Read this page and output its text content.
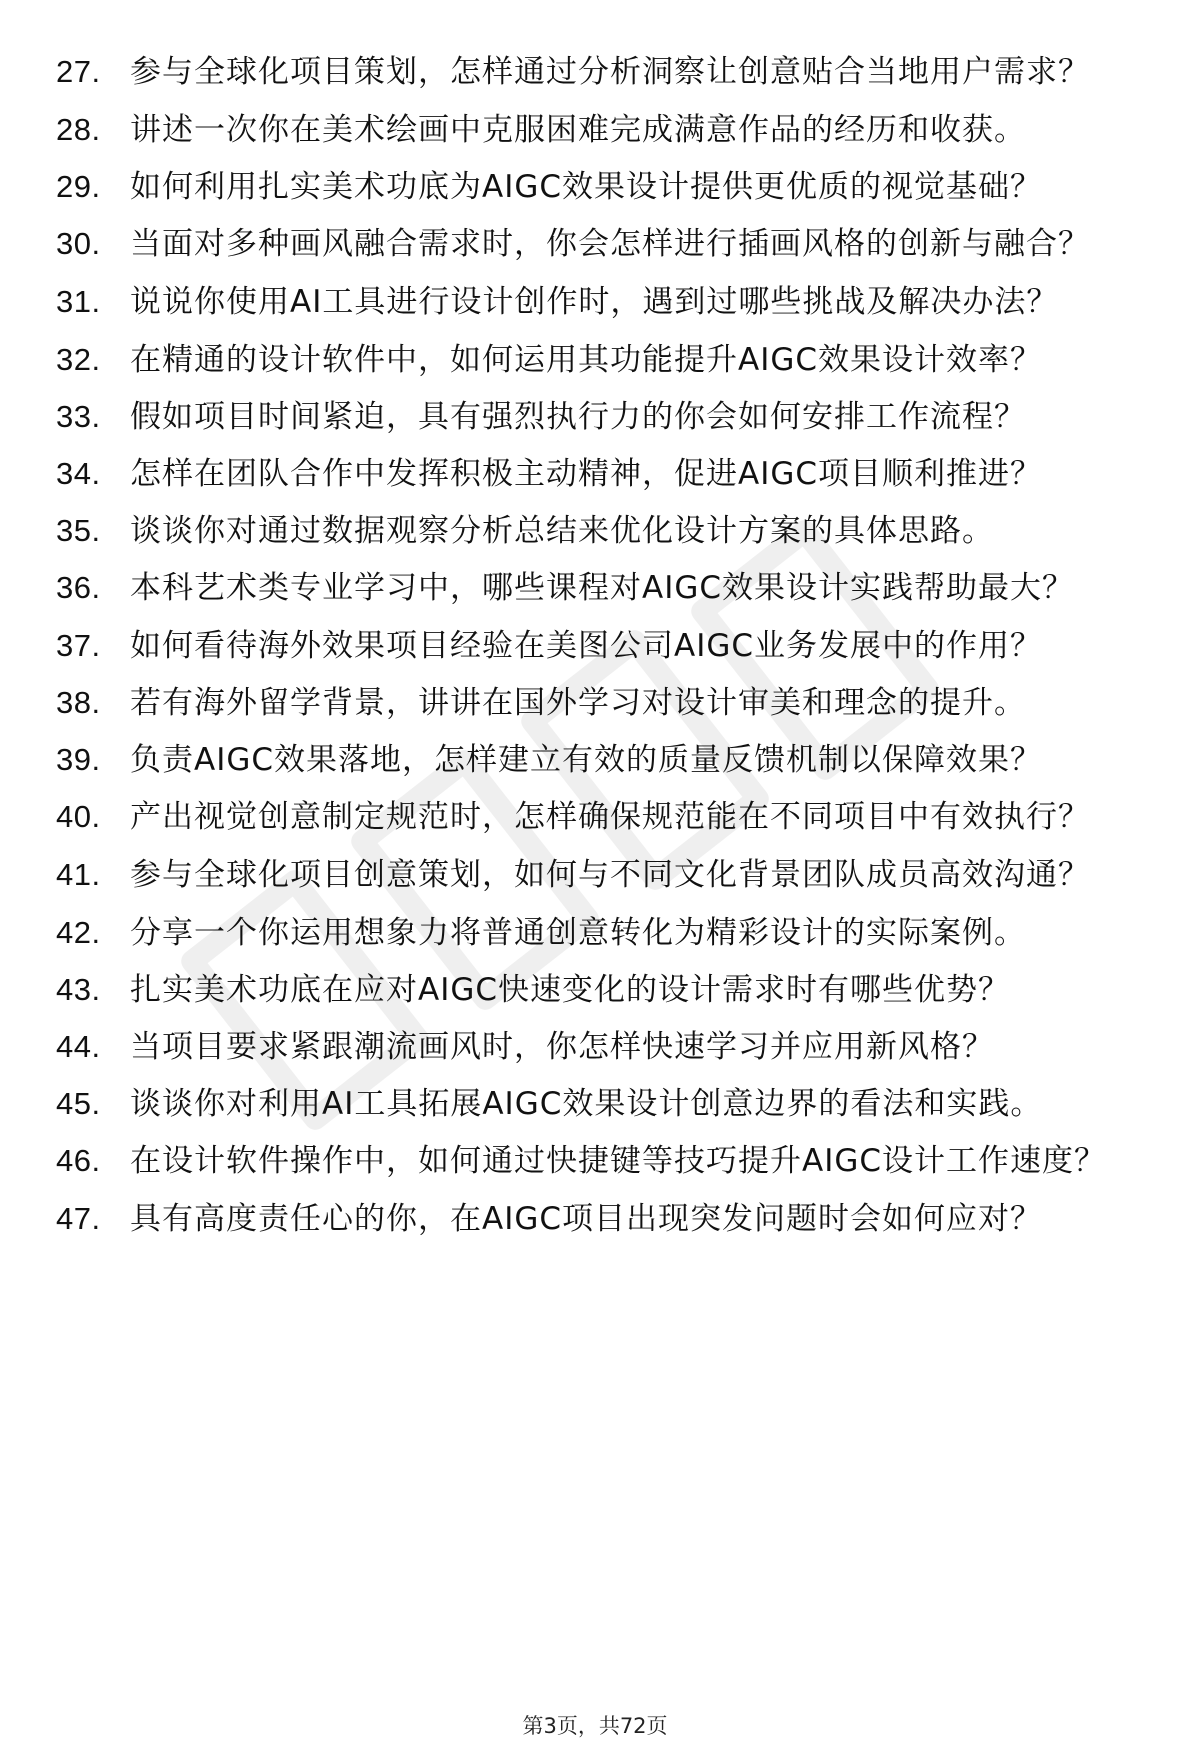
27. 参与全球化项目策划，怎样通过分析洞察让创意贴合当地用户需求？
28. 讲述一次你在美术绘画中克服困难完成满意作品的经历和收获。
29. 如何利用扎实美术功底为AIGC效果设计提供更优质的视觉基础？
30. 当面对多种画风融合需求时，你会怎样进行插画风格的创新与融合？
31. 说说你使用AI工具进行设计创作时，遇到过哪些挑战及解决办法？
32. 在精通的设计软件中，如何运用其功能提升AIGC效果设计效率？
33. 假如项目时间紧迫，具有强烈执行力的你会如何安排工作流程？
34. 怎样在团队合作中发挥积极主动精神，促进AIGC项目顺利推进？
35. 谈谈你对通过数据观察分析总结来优化设计方案的具体思路。
36. 本科艺术类专业学习中，哪些课程对AIGC效果设计实践帮助最大？
37. 如何看待海外效果项目经验在美图公司AIGC业务发展中的作用？
38. 若有海外留学背景，讲讲在国外学习对设计审美和理念的提升。
39. 负责AIGC效果落地，怎样建立有效的质量反馈机制以保障效果？
40. 产出视觉创意制定规范时，怎样确保规范能在不同项目中有效执行？
41. 参与全球化项目创意策划，如何与不同文化背景团队成员高效沟通？
42. 分享一个你运用想象力将普通创意转化为精彩设计的实际案例。
43. 扎实美术功底在应对AIGC快速变化的设计需求时有哪些优势？
44. 当项目要求紧跟潮流画风时，你怎样快速学习并应用新风格？
45. 谈谈你对利用AI工具拓展AIGC效果设计创意边界的看法和实践。
46. 在设计软件操作中，如何通过快捷键等技巧提升AIGC设计工作速度？
47. 具有高度责任心的你，在AIGC项目出现突发问题时会如何应对？
第3页，共72页
